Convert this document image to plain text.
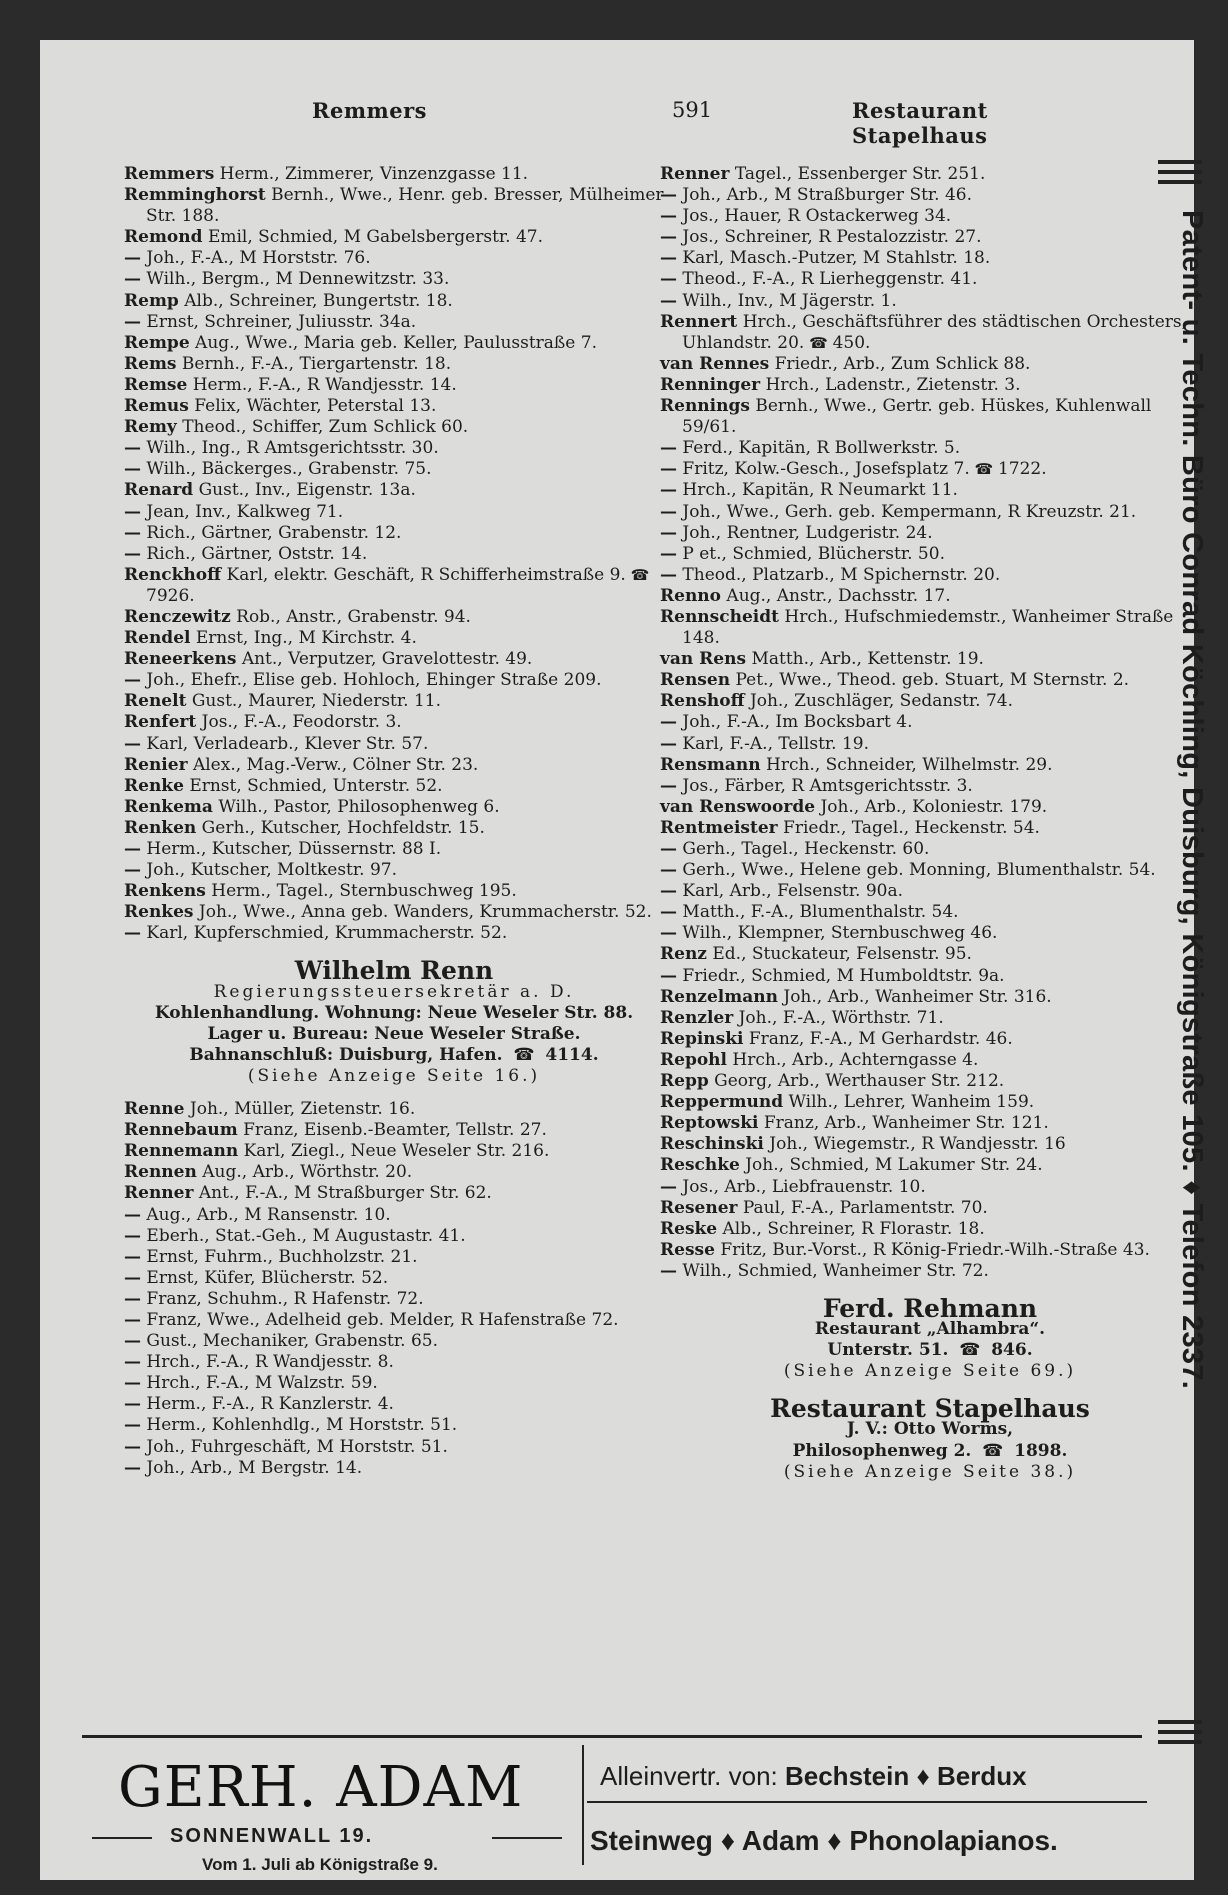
Remmers	591	Restaurant Stapelhaus

Remmers Herm., Zimmerer, Vinzenzgasse 11.

Remminghorst Bernh., Wwe., Henr. geb. Bresser, Mülheimer Str. 188.

Remond Emil, Schmied, M Gabelsbergerstr. 47.

— Joh., F.-A., M Horststr. 76.

— Wilh., Bergm., M Dennewitzstr. 33.

Remp Alb., Schreiner, Bungertstr. 18.

— Ernst, Schreiner, Juliusstr. 34a.

Rempe Aug., Wwe., Maria geb. Keller, Paulusstraße 7.

Rems Bernh., F.-A., Tiergartenstr. 18.

Remse Herm., F.-A., R Wandjesstr. 14.

Remus Felix, Wächter, Peterstal 13.

Remy Theod., Schiffer, Zum Schlick 60.

— Wilh., Ing., R Amtsgerichtsstr. 30.

— Wilh., Bäckerges., Grabenstr. 75.

Renard Gust., Inv., Eigenstr. 13a.

— Jean, Inv., Kalkweg 71.

— Rich., Gärtner, Grabenstr. 12.

— Rich., Gärtner, Oststr. 14.

Renckhoff Karl, elektr. Geschäft, R Schifferheimstraße 9. ☎ 7926.

Renczewitz Rob., Anstr., Grabenstr. 94.

Rendel Ernst, Ing., M Kirchstr. 4.

Reneerkens Ant., Verputzer, Gravelottestr. 49.

— Joh., Ehefr., Elise geb. Hohloch, Ehinger Straße 209.

Renelt Gust., Maurer, Niederstr. 11.

Renfert Jos., F.-A., Feodorstr. 3.

— Karl, Verladearb., Klever Str. 57.

Renier Alex., Mag.-Verw., Cölner Str. 23.

Renke Ernst, Schmied, Unterstr. 52.

Renkema Wilh., Pastor, Philosophenweg 6.

Renken Gerh., Kutscher, Hochfeldstr. 15.

— Herm., Kutscher, Düssernstr. 88 I.

— Joh., Kutscher, Moltkestr. 97.

Renkens Herm., Tagel., Sternbuschweg 195.

Renkes Joh., Wwe., Anna geb. Wanders, Krummacherstr. 52.

— Karl, Kupferschmied, Krummacherstr. 52.

Wilhelm Renn
Regierungssteuersekretär a. D.
Kohlenhandlung. Wohnung: Neue Weseler Str. 88.
Lager u. Bureau: Neue Weseler Straße.
Bahnanschluß: Duisburg, Hafen.  ☎  4114.
(Siehe Anzeige Seite 16.)

Renne Joh., Müller, Zietenstr. 16.

Rennebaum Franz, Eisenb.-Beamter, Tellstr. 27.

Rennemann Karl, Ziegl., Neue Weseler Str. 216.

Rennen Aug., Arb., Wörthstr. 20.

Renner Ant., F.-A., M Straßburger Str. 62.

— Aug., Arb., M Ransenstr. 10.

— Eberh., Stat.-Geh., M Augustastr. 41.

— Ernst, Fuhrm., Buchholzstr. 21.

— Ernst, Küfer, Blücherstr. 52.

— Franz, Schuhm., R Hafenstr. 72.

— Franz, Wwe., Adelheid geb. Melder, R Hafenstraße 72.

— Gust., Mechaniker, Grabenstr. 65.

— Hrch., F.-A., R Wandjesstr. 8.

— Hrch., F.-A., M Walzstr. 59.

— Herm., F.-A., R Kanzlerstr. 4.

— Herm., Kohlenhdlg., M Horststr. 51.

— Joh., Fuhrgeschäft, M Horststr. 51.

— Joh., Arb., M Bergstr. 14.

Renner Tagel., Essenberger Str. 251.

— Joh., Arb., M Straßburger Str. 46.

— Jos., Hauer, R Ostackerweg 34.

— Jos., Schreiner, R Pestalozzistr. 27.

— Karl, Masch.-Putzer, M Stahlstr. 18.

— Theod., F.-A., R Lierheggenstr. 41.

— Wilh., Inv., M Jägerstr. 1.

Rennert Hrch., Geschäftsführer des städtischen Orchesters, Uhlandstr. 20. ☎ 450.

van Rennes Friedr., Arb., Zum Schlick 88.

Renninger Hrch., Ladenstr., Zietenstr. 3.

Rennings Bernh., Wwe., Gertr. geb. Hüskes, Kuhlenwall 59/61.

— Ferd., Kapitän, R Bollwerkstr. 5.

— Fritz, Kolw.-Gesch., Josefsplatz 7. ☎ 1722.

— Hrch., Kapitän, R Neumarkt 11.

— Joh., Wwe., Gerh. geb. Kempermann, R Kreuzstr. 21.

— Joh., Rentner, Ludgeristr. 24.

— P et., Schmied, Blücherstr. 50.

— Theod., Platzarb., M Spichernstr. 20.

Renno Aug., Anstr., Dachsstr. 17.

Rennscheidt Hrch., Hufschmiedemstr., Wanheimer Straße 148.

van Rens Matth., Arb., Kettenstr. 19.

Rensen Pet., Wwe., Theod. geb. Stuart, M Sternstr. 2.

Renshoff Joh., Zuschläger, Sedanstr. 74.

— Joh., F.-A., Im Bocksbart 4.

— Karl, F.-A., Tellstr. 19.

Rensmann Hrch., Schneider, Wilhelmstr. 29.

— Jos., Färber, R Amtsgerichtsstr. 3.

van Renswoorde Joh., Arb., Koloniestr. 179.

Rentmeister Friedr., Tagel., Heckenstr. 54.

— Gerh., Tagel., Heckenstr. 60.

— Gerh., Wwe., Helene geb. Monning, Blumenthalstr. 54.

— Karl, Arb., Felsenstr. 90a.

— Matth., F.-A., Blumenthalstr. 54.

— Wilh., Klempner, Sternbuschweg 46.

Renz Ed., Stuckateur, Felsenstr. 95.

— Friedr., Schmied, M Humboldtstr. 9a.

Renzelmann Joh., Arb., Wanheimer Str. 316.

Renzler Joh., F.-A., Wörthstr. 71.

Repinski Franz, F.-A., M Gerhardstr. 46.

Repohl Hrch., Arb., Achterngasse 4.

Repp Georg, Arb., Werthauser Str. 212.

Reppermund Wilh., Lehrer, Wanheim 159.

Reptowski Franz, Arb., Wanheimer Str. 121.

Reschinski Joh., Wiegemstr., R Wandjesstr. 16

Reschke Joh., Schmied, M Lakumer Str. 24.

— Jos., Arb., Liebfrauenstr. 10.

Resener Paul, F.-A., Parlamentstr. 70.

Reske Alb., Schreiner, R Florastr. 18.

Resse Fritz, Bur.-Vorst., R König-Friedr.-Wilh.-Straße 43.

— Wilh., Schmied, Wanheimer Str. 72.

Ferd. Rehmann
Restaurant „Alhambra“.
Unterstr. 51.  ☎  846.
(Siehe Anzeige Seite 69.)
Restaurant Stapelhaus
J. V.: Otto Worms,
Philosophenweg 2.  ☎  1898.
(Siehe Anzeige Seite 38.)
Patent- u. Techn. Büro Conrad Köchling, Duisburg, Königstraße 105. ♦ Telefon 2337.
GERH. ADAM
SONNENWALL 19.
Vom 1. Juli ab Königstraße 9.
Alleinvertr. von: Bechstein ♦ Berdux
Steinweg ♦ Adam ♦ Phonolapianos.
